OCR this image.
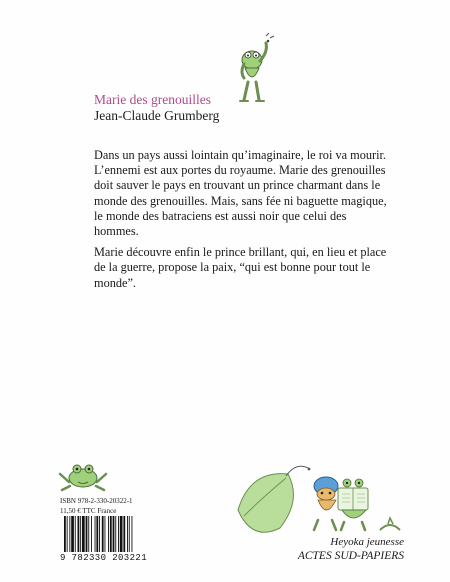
Marie des grenouilles
Jean-Claude Grumberg

Dans un pays aussi lointain qu’imaginaire, le roi va mourir. L’ennemi est aux portes du royaume. Marie des grenouilles doit sauver le pays en trouvant un prince charmant dans le monde des grenouilles. Mais, sans fée ni baguette magique, le monde des batraciens est aussi noir que celui des hommes.

Marie découvre enfin le prince brillant, qui, en lieu et place de la guerre, propose la paix, “qui est bonne pour tout le monde”.

ISBN 978-2-330-20322-1
11,50 € TTC France
9 782330 203221
Heyoka jeunesse
ACTES SUD-PAPIERS
